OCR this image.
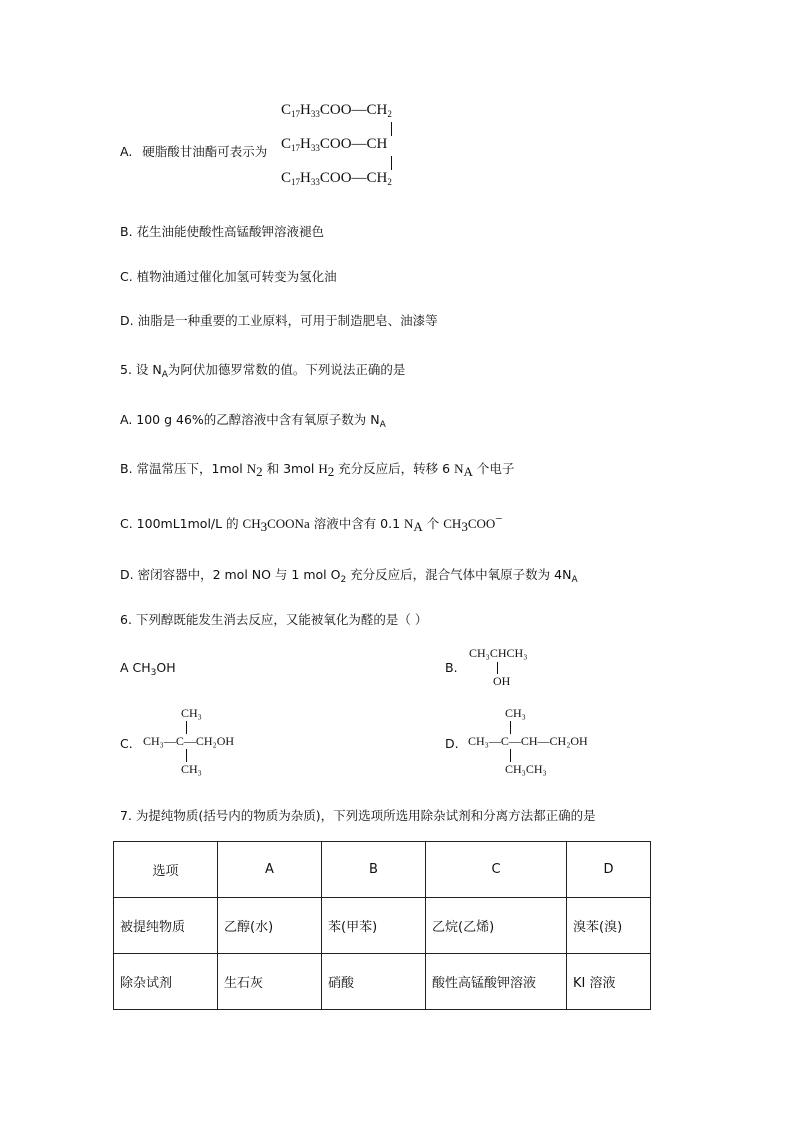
A. 硬脂酸甘油酯可表示为
$C_{17}H_{33}COO—CH_2$
$C_{17}H_{33}COO—CH$
$C_{17}H_{33}COO—CH_2$
B. 花生油能使酸性高锰酸钾溶液褪色
C. 植物油通过催化加氢可转变为氢化油
D. 油脂是一种重要的工业原料，可用于制造肥皂、油漆等
5. 设 $N_A$为阿伏加德罗常数的值。下列说法正确的是
A. 100 g 46%的乙醇溶液中含有氧原子数为 $N_A$
B. 常温常压下，1mol $N_2$ 和 3mol $H_2$ 充分反应后，转移 6 $N_A$ 个电子
C. 100mL1mol/L 的 $CH_3COONa$ 溶液中含有 0.1 $N_A$ 个 $CH_3COO^-$
D. 密闭容器中，2 mol NO 与 1 mol $O_2$ 充分反应后，混合气体中氧原子数为 $4N_A$
6. 下列醇既能发生消去反应，又能被氧化为醛的是（ ）
A $CH_3OH$	B.
CH₃CHCH₃
OH
C.
CH₃
CH₃—C—CH₂OH
CH₃
D.
CH₃
CH₃—C—CH—CH₂OH
CH₃CH₃
7. 为提纯物质(括号内的物质为杂质)，下列选项所选用除杂试剂和分离方法都正确的是
选项	A	B	C	D
被提纯物质	乙醇(水)	苯(甲苯)	乙烷(乙烯)	溴苯(溴)
除杂试剂	生石灰	硝酸	酸性高锰酸钾溶液	KI 溶液
